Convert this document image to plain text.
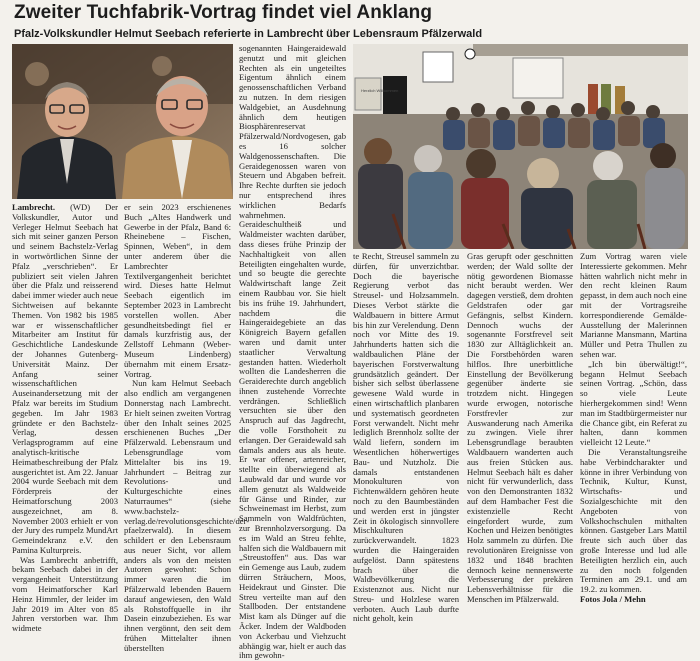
Zweiter Tuchfabrik-Vortrag findet viel Anklang
Pfalz-Volkskundler Helmut Seebach referierte in Lambrecht über Lebensraum Pfälzerwald
Herzlich Willkommen

Lambrecht. (WD) Der Volkskundler, Autor und Verleger Helmut Seebach hat sich mit seiner ganzen Person und seinem Bachstelz-Verlag in wortwörtlichen Sinne der Pfalz „verschrieben“. Er publiziert seit vielen Jahren über die Pfalz und reisserend dabei immer wieder auch neue Sichtweisen auf bekannte Themen. Von 1982 bis 1985 war er wissenschaftlicher Mitarbeiter am Institut für Geschichtliche Landeskunde der Johannes Gutenberg-Universität Mainz. Der Anfang seiner wissenschaftlichen Auseinandersetzung mit der Pfalz war bereits im Studium gegeben. Im Jahr 1983 gründete er den Bachstelz-Verlag, dessen Verlagsprogramm auf eine analytisch-kritische Heimatbeschreibung der Pfalz ausgerichtet ist. Am 22. Januar 2004 wurde Seebach mit dem Förderpreis der Heimatforschung 2003 ausgezeichnet, am 8. November 2003 erhielt er von der Jury des rumpelz MundArt Gemeindekranz e.V. den Pamina Kulturpreis.

Was Lambrecht anbetrifft, bekam Seebach dabei in der vergangenheit Unterstützung vom Heimatforscher Karl Heinz Himmler, der leider im Jahr 2019 im Alter von 85 Jahren verstorben war. Ihm widmete

er sein 2023 erschienenes Buch „Altes Handwerk und Gewerbe in der Pfalz, Band 6: Rheinebene – Fischen, Spinnen, Weben“, in dem unter anderem über die Lambrechter Textilvergangenheit berichtet wird. Dieses hatte Helmut Seebach eigentlich im September 2023 in Lambrecht vorstellen wollen. Aber gesundheitsbedingt fiel er damals kurzfristig aus, der Zellstoff Lehmann (Weber-Museum Lindenberg) übernahm mit einem Ersatz-Vortrag.

Nun kam Helmut Seebach also endlich am vergangenen Donnerstag nach Lambrecht. Er hielt seinen zweiten Vortrag über den Inhalt seines 2025 erschienenen Buches „Der Pfälzerwald. Lebensraum und Lebensgrundlage vom Mittelalter bis ins 19. Jahrhundert – Beitrag zur Revolutions- und Kulturgeschichte eines Naturraumes“ (siehe www.bachstelz-verlag.de/revolutionsgeschichte/der-pfaelzerwald). In diesem schildert er den Lebensraum aus neuer Sicht, vor allem anders als von den meisten Autoren gewohnt: Schon immer waren die im Pfälzerwald lebenden Bauern darauf angewiesen, den Wald als Rohstoffquelle in ihr Dasein einzubeziehen. Es war ihnen vergönnt, den seit dem frühen Mittelalter ihnen überstellten

sogenannten Haingeraidewald genutzt und mit gleichen Rechten als ein ungeteiltes Eigentum ähnlich einem genossenschaftlichen Verband zu nutzen. In dem riesigen Waldgebiet, an Ausdehnung ähnlich dem heutigen Biosphärenreservat Pfälzerwald/Nordvogesen, gab es 16 solcher Waldgenossenschaften. Die Geraidegenossen waren von Steuern und Abgaben befreit. Ihre Rechte durften sie jedoch nur entsprechend ihres wirklichen Bedarfs wahrnehmen. Geraideschultheiß und Waldmeister wachten darüber, dass dieses frühe Prinzip der Nachhaltigkeit von allen Beteiligten eingehalten wurde, und so beugte die gerechte Waldwirtschaft lange Zeit einem Raubbau vor. Sie hielt bis ins frühe 19. Jahrhundert, nachdem die Haingeraidegebiete an das Königreich Bayern gefallen waren und damit unter staatlicher Verwaltung gestanden hatten. Wiederholt wollten die Landesherren die Geraiderechte durch angeblich ihnen zustehende Vorrechte verdrängen. Schließlich versuchten sie über den Anspruch auf das Jagdrecht, die volle Forsthoheit zu erlangen. Der Geraidewald sah damals anders aus als heute. Er war offener, artenreicher, stellte ein überwiegend als Laubwald dar und wurde vor allem genutzt als Waldweide für Gänse und Rinder, zur Schweinemast im Herbst, zum Sammeln von Waldfrüchten, zur Brennholzversorgung. Da es im Wald an Streu fehlte, halfen sich die Waldbauern mit „Streustoffen“ aus. Das war ein Gemenge aus Laub, zudem dürren Sträuchern, Moos, Heidekraut und Ginster. Die Streu verteilte man auf den Stallboden. Der entstandene Mist kam als Dünger auf die Äcker. Indem der Waldboden von Ackerbau und Viehzucht abhängig war, hielt er auch das ihm gewohn-

te Recht, Streusel sammeln zu dürfen, für unverzichtbar. Doch die bayerische Regierung verbot das Streusel- und Holzsammeln. Dieses Verbot stärkte die Waldbauern in bittere Armut bis hin zur Verelendung. Denn noch vor Mitte des 19. Jahrhunderts hatten sich die waldbaulichen Pläne der bayerischen Forstverwaltung grundsätzlich geändert. Der bisher sich selbst überlassene gewesene Wald wurde in einen wirtschaftlich planbaren und systematisch geordneten Forst verwandelt. Nicht mehr lediglich Brennholz sollte der Wald liefern, sondern im Wesentlichen höherwertiges Bau- und Nutzholz. Die damals entstandenen Monokulturen von Fichtenwäldern gehören heute noch zu den Baumbeständen und werden erst in jüngster Zeit in ökologisch sinnvollere Mischkulturen zurückverwandelt. 1823 wurden die Haingeraiden aufgelöst. Dann spätestens brach über die Waldbevölkerung die Existenznot aus. Nicht nur Streu- und Holzlese waren verboten. Auch Laub durfte nicht geholt, kein

Gras gerupft oder geschnitten werden; der Wald sollte der nötig gewordenen Biomasse nicht beraubt werden. Wer dagegen verstieß, dem drohten Geldstrafen oder gar Gefängnis, selbst Kindern. Dennoch wuchs der sogenannte Forstfrevel seit 1830 zur Alltäglichkeit an. Die Forstbehörden waren hilflos. Ihre unerbittliche Einstellung der Bevölkerung gegenüber änderte sie trotzdem nicht. Hingegen wurde erwogen, notorische Forstfrevler zur Auswanderung nach Amerika zu zwingen. Viele ihrer Lebensgrundlage beraubten Waldbauern wanderten auch aus freien Stücken aus. Helmut Seebach hält es daher nicht für verwunderlich, dass von den Demonstranten 1832 auf dem Hambacher Fest die existenzielle Recht eingefordert wurde, zum Kochen und Heizen benötigtes Holz sammeln zu dürfen. Die revolutionären Ereignisse von 1832 und 1848 brachten dennoch keine nennenswerte Verbesserung der prekären Lebensverhältnisse für die Menschen im Pfälzerwald.

Zum Vortrag waren viele Interessierte gekommen. Mehr hätten wahrlich nicht mehr in den recht kleinen Raum gepasst, in dem auch noch eine mit der Vortragsreihe korrespondierende Gemälde-Ausstellung der Malerinnen Marianne Mansmann, Martina Müller und Petra Thullen zu sehen war.

„Ich bin überwältigt!“, begann Helmut Seebach seinen Vortrag. „Schön, dass so viele Leute hierhergekommen sind! Wenn man im Stadtbürgermeister nur die Chance gibt, ein Referat zu halten, dann kommen vielleicht 12 Leute.“

Die Veranstaltungsreihe habe Verbindcharakter und könne in ihrer Verbindung von Technik, Kultur, Kunst, Wirtschafts- und Sozialgeschichte mit den Angeboten von Volkshochschulen mithalten können. Gastgeber Lars Mattil freute sich auch über das große Interesse und lud alle Beteiligten herzlich ein, auch zu den noch folgenden Terminen am 29.1. und am 19.2. zu kommen.

Fotos Jola / Mehn
